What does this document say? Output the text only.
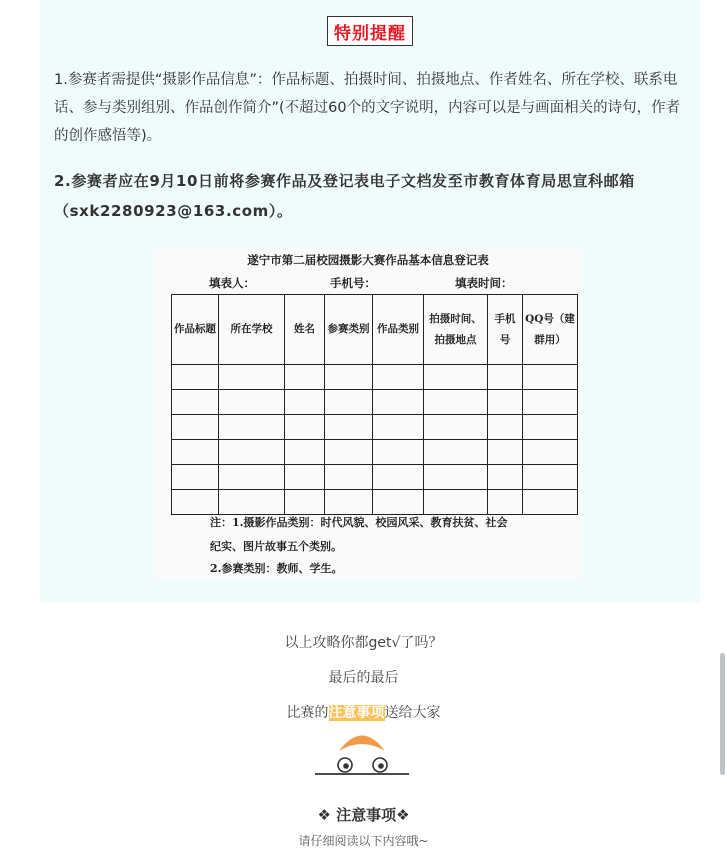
特别提醒
1.参赛者需提供“摄影作品信息”：作品标题、拍摄时间、拍摄地点、作者姓名、所在学校、联系电话、参与类别组别、作品创作简介”(不超过60个的文字说明，内容可以是与画面相关的诗句，作者的创作感悟等)。
2.参赛者应在9月10日前将参赛作品及登记表电子文档发至市教育体育局思宣科邮箱（sxk2280923@163.com）。
遂宁市第二届校园摄影大赛作品基本信息登记表
填表人：	手机号：	填表时间：
作品标题	所在学校	姓名	参赛类别	作品类别	拍摄时间、拍摄地点	手机号	QQ号（建群用）

注：1.摄影作品类别：时代风貌、校园风采、教育扶贫、社会
纪实、图片故事五个类别。
2.参赛类别：教师、学生。
以上攻略你都get√了吗？
最后的最后
比赛的注意事项送给大家
❖ 注意事项❖
请仔细阅读以下内容哦~
